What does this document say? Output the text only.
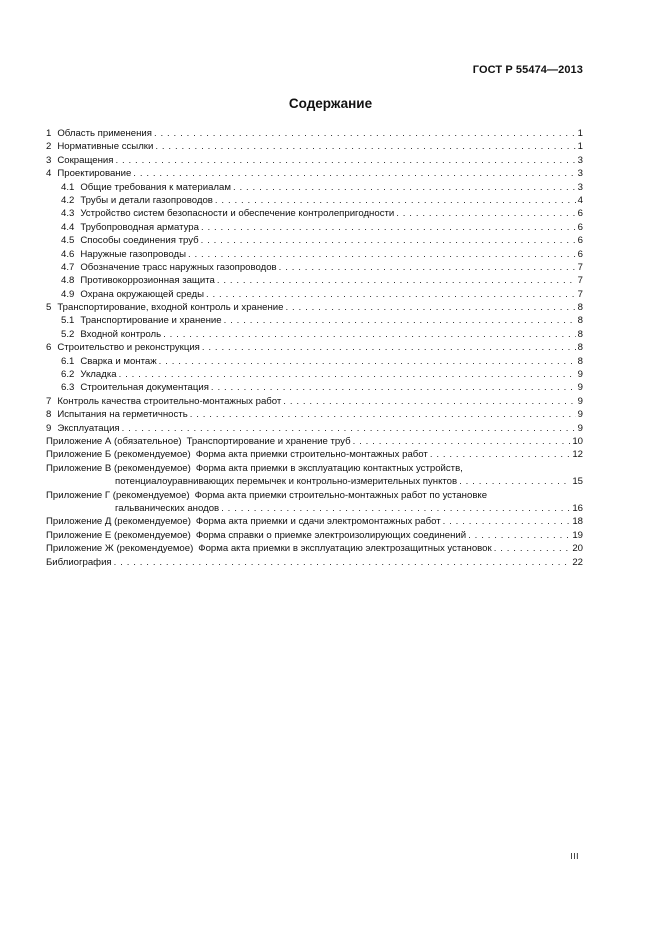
ГОСТ Р 55474—2013
Содержание
1 Область применения . . .	1
2 Нормативные ссылки . . .	1
3 Сокращения . . .	3
4 Проектирование . . .	3
4.1 Общие требования к материалам . . .	3
4.2 Трубы и детали газопроводов . . .	4
4.3 Устройство систем безопасности и обеспечение контролепригодности . . .	6
4.4 Трубопроводная арматура . . .	6
4.5 Способы соединения труб . . .	6
4.6 Наружные газопроводы . . .	6
4.7 Обозначение трасс наружных газопроводов . . .	7
4.8 Противокоррозионная защита . . .	7
4.9 Охрана окружающей среды . . .	7
5 Транспортирование, входной контроль и хранение . . .	8
5.1 Транспортирование и хранение . . .	8
5.2 Входной контроль . . .	8
6 Строительство и реконструкция . . .	8
6.1 Сварка и монтаж . . .	8
6.2 Укладка . . .	9
6.3 Строительная документация . . .	9
7 Контроль качества строительно-монтажных работ . . .	9
8 Испытания на герметичность . . .	9
9 Эксплуатация . . .	9
Приложение А (обязательное) Транспортирование и хранение труб . . .	10
Приложение Б (рекомендуемое) Форма акта приемки строительно-монтажных работ . . .	12
Приложение В (рекомендуемое) Форма акта приемки в эксплуатацию контактных устройств,
потенциалоуравнивающих перемычек и контрольно-измерительных пунктов . . .	15
Приложение Г (рекомендуемое) Форма акта приемки строительно-монтажных работ по установке
гальванических анодов . . .	16
Приложение Д (рекомендуемое) Форма акта приемки и сдачи электромонтажных работ . . .	18
Приложение Е (рекомендуемое) Форма справки о приемке электроизолирующих соединений . . .	19
Приложение Ж (рекомендуемое) Форма акта приемки в эксплуатацию электрозащитных установок . . .	20
Библиография . . .	22
III
